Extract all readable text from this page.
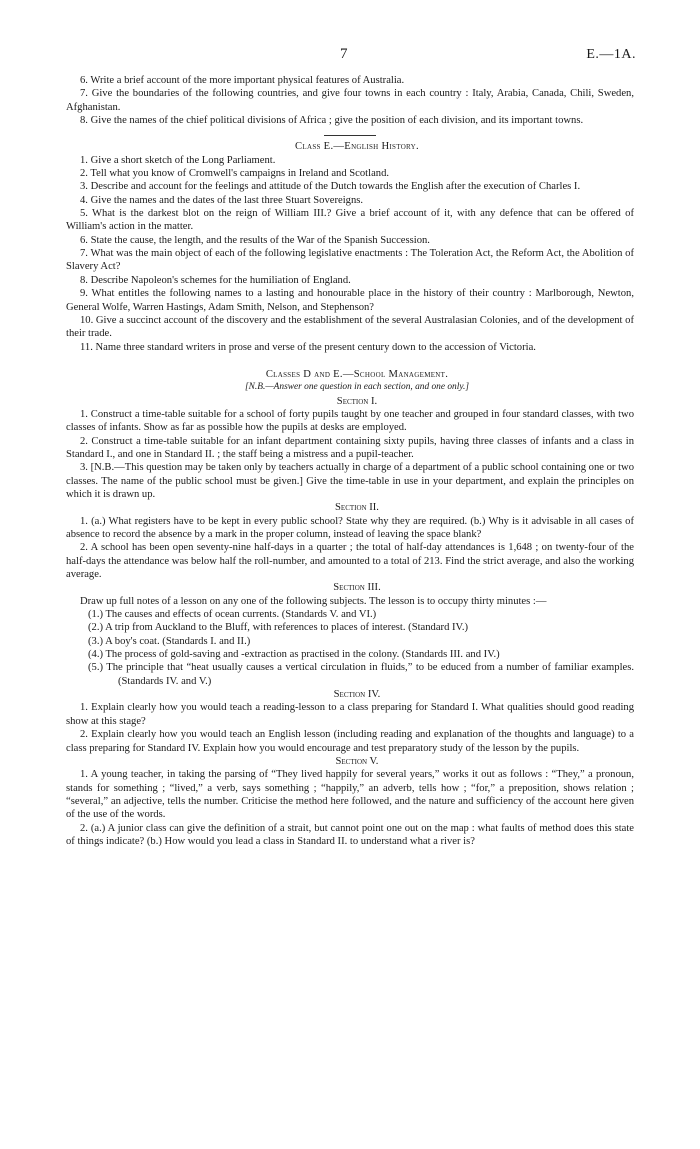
7	E.—1A.

6. Write a brief account of the more important physical features of Australia.

7. Give the boundaries of the following countries, and give four towns in each country : Italy, Arabia, Canada, Chili, Sweden, Afghanistan.

8. Give the names of the chief political divisions of Africa ; give the position of each division, and its important towns.

Class E.—English History.

1. Give a short sketch of the Long Parliament.

2. Tell what you know of Cromwell's campaigns in Ireland and Scotland.

3. Describe and account for the feelings and attitude of the Dutch towards the English after the execution of Charles I.

4. Give the names and the dates of the last three Stuart Sovereigns.

5. What is the darkest blot on the reign of William III.? Give a brief account of it, with any defence that can be offered of William's action in the matter.

6. State the cause, the length, and the results of the War of the Spanish Succession.

7. What was the main object of each of the following legislative enactments : The Toleration Act, the Reform Act, the Abolition of Slavery Act?

8. Describe Napoleon's schemes for the humiliation of England.

9. What entitles the following names to a lasting and honourable place in the history of their country : Marlborough, Newton, General Wolfe, Warren Hastings, Adam Smith, Nelson, and Stephenson?

10. Give a succinct account of the discovery and the establishment of the several Australasian Colonies, and of the development of their trade.

11. Name three standard writers in prose and verse of the present century down to the accession of Victoria.

Classes D and E.—School Management.

[N.B.—Answer one question in each section, and one only.]

Section I.

1. Construct a time-table suitable for a school of forty pupils taught by one teacher and grouped in four standard classes, with two classes of infants. Show as far as possible how the pupils at desks are employed.

2. Construct a time-table suitable for an infant department containing sixty pupils, having three classes of infants and a class in Standard I., and one in Standard II. ; the staff being a mistress and a pupil-teacher.

3. [N.B.—This question may be taken only by teachers actually in charge of a department of a public school containing one or two classes. The name of the public school must be given.] Give the time-table in use in your department, and explain the principles on which it is drawn up.

Section II.

1. (a.) What registers have to be kept in every public school? State why they are required. (b.) Why is it advisable in all cases of absence to record the absence by a mark in the proper column, instead of leaving the space blank?

2. A school has been open seventy-nine half-days in a quarter ; the total of half-day attendances is 1,648 ; on twenty-four of the half-days the attendance was below half the roll-number, and amounted to a total of 213. Find the strict average, and also the working average.

Section III.

Draw up full notes of a lesson on any one of the following subjects. The lesson is to occupy thirty minutes :—

(1.) The causes and effects of ocean currents. (Standards V. and VI.)

(2.) A trip from Auckland to the Bluff, with references to places of interest. (Standard IV.)

(3.) A boy's coat. (Standards I. and II.)

(4.) The process of gold-saving and -extraction as practised in the colony. (Standards III. and IV.)

(5.) The principle that “heat usually causes a vertical circulation in fluids,” to be educed from a number of familiar examples. (Standards IV. and V.)

Section IV.

1. Explain clearly how you would teach a reading-lesson to a class preparing for Standard I. What qualities should good reading show at this stage?

2. Explain clearly how you would teach an English lesson (including reading and explanation of the thoughts and language) to a class preparing for Standard IV. Explain how you would encourage and test preparatory study of the lesson by the pupils.

Section V.

1. A young teacher, in taking the parsing of “They lived happily for several years,” works it out as follows : “They,” a pronoun, stands for something ; “lived,” a verb, says something ; “happily,” an adverb, tells how ; “for,” a preposition, shows relation ; “several,” an adjective, tells the number. Criticise the method here followed, and the nature and sufficiency of the account here given of the use of the words.

2. (a.) A junior class can give the definition of a strait, but cannot point one out on the map : what faults of method does this state of things indicate? (b.) How would you lead a class in Standard II. to understand what a river is?
